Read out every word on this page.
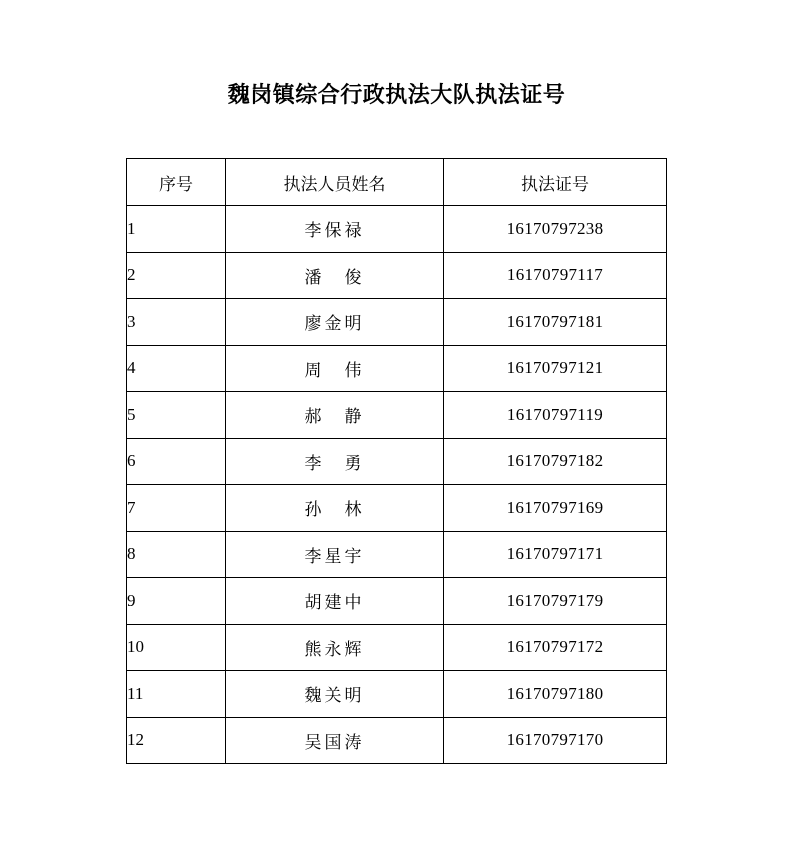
魏岗镇综合行政执法大队执法证号
序号	执法人员姓名	执法证号
1	李保禄	16170797238
2	潘　俊	16170797117
3	廖金明	16170797181
4	周　伟	16170797121
5	郝　静	16170797119
6	李　勇	16170797182
7	孙　林	16170797169
8	李星宇	16170797171
9	胡建中	16170797179
10	熊永辉	16170797172
11	魏关明	16170797180
12	吴国涛	16170797170
